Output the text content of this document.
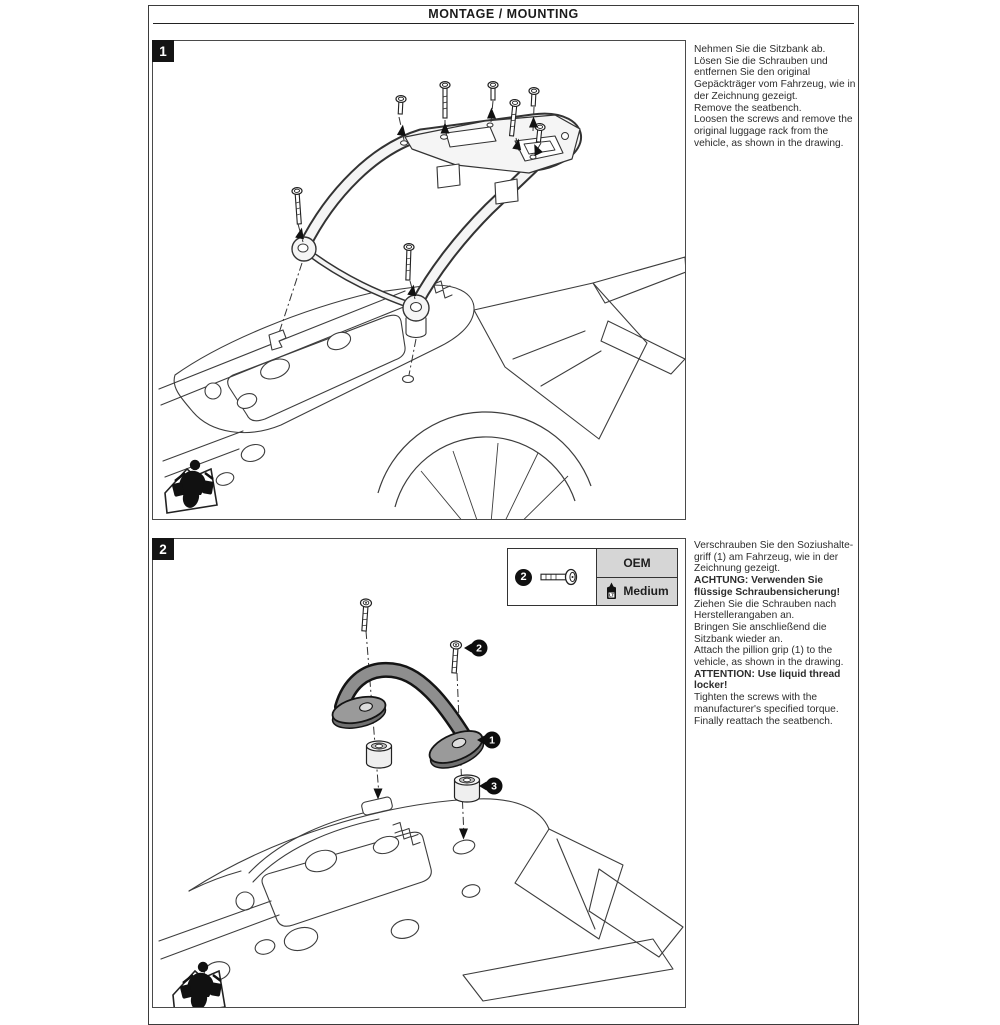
MONTAGE / MOUNTING
1	Nehmen Sie die Sitzbank ab.

Lösen Sie die Schrauben und entfernen Sie den original Gepäckträger vom Fahrzeug, wie in der Zeichnung gezeigt.

Remove the seatbench.

Loosen the screws and remove the original luggage rack from the vehicle, as shown in the drawing.

2
2
1
3
2
OEM
LT Medium

Verschrauben Sie den Soziushalte-griff (1) am Fahrzeug, wie in der Zeichnung gezeigt.

ACHTUNG: Verwenden Sie flüssige Schraubensicherung!

Ziehen Sie die Schrauben nach Herstellerangaben an.

Bringen Sie anschließend die Sitzbank wieder an.

Attach the pillion grip (1) to the vehicle, as shown in the drawing.

ATTENTION: Use liquid thread locker!

Tighten the screws with the manufacturer's specified torque.

Finally reattach the seatbench.
